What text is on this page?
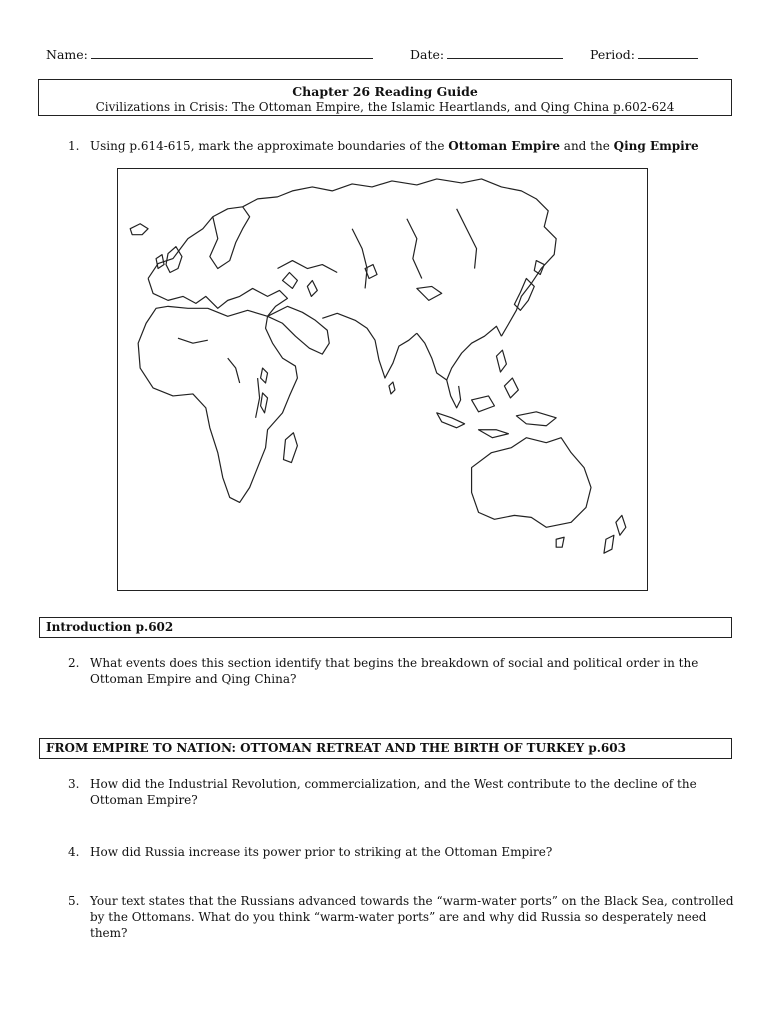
Name:	Date:	Period:
Chapter 26 Reading Guide
Civilizations in Crisis: The Ottoman Empire, the Islamic Heartlands, and Qing China p.602-624
1. Using p.614-615, mark the approximate boundaries of the Ottoman Empire and the Qing Empire
Introduction p.602
2. What events does this section identify that begins the breakdown of social and political order in the
Ottoman Empire and Qing China?
FROM EMPIRE TO NATION: OTTOMAN RETREAT AND THE BIRTH OF TURKEY p.603
3. How did the Industrial Revolution, commercialization, and the West contribute to the decline of the
Ottoman Empire?
4. How did Russia increase its power prior to striking at the Ottoman Empire?
5. Your text states that the Russians advanced towards the “warm-water ports” on the Black Sea, controlled
by the Ottomans. What do you think “warm-water ports” are and why did Russia so desperately need
them?
